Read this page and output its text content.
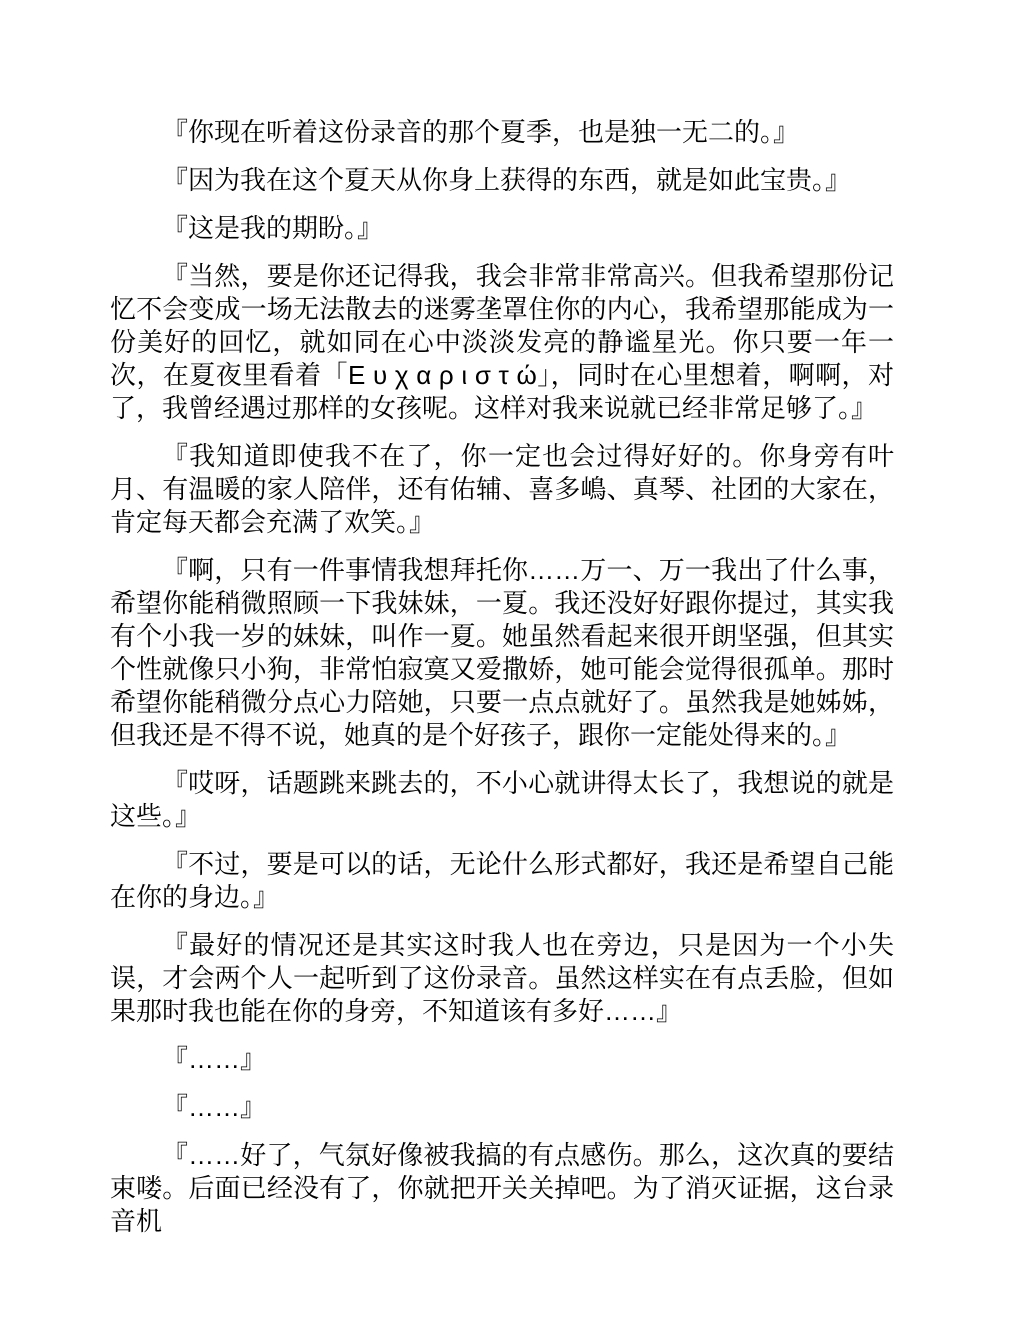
『你现在听着这份录音的那个夏季，也是独一无二的。』

『因为我在这个夏天从你身上获得的东西，就是如此宝贵。』

『这是我的期盼。』

『当然，要是你还记得我，我会非常非常高兴。但我希望那份记忆不会变成一场无法散去的迷雾垄罩住你的内心，我希望那能成为一份美好的回忆，就如同在心中淡淡发亮的静谧星光。你只要一年一次，在夏夜里看着「Ε υ χ α ρ ι σ τ ώ」，同时在心里想着，啊啊，对了，我曾经遇过那样的女孩呢。这样对我来说就已经非常足够了。』

『我知道即使我不在了，你一定也会过得好好的。你身旁有叶月、有温暖的家人陪伴，还有佑辅、喜多嶋、真琴、社团的大家在，肯定每天都会充满了欢笑。』

『啊，只有一件事情我想拜托你……万一、万一我出了什么事，希望你能稍微照顾一下我妹妹，一夏。我还没好好跟你提过，其实我有个小我一岁的妹妹，叫作一夏。她虽然看起来很开朗坚强，但其实个性就像只小狗，非常怕寂寞又爱撒娇，她可能会觉得很孤单。那时希望你能稍微分点心力陪她，只要一点点就好了。虽然我是她姊姊，但我还是不得不说，她真的是个好孩子，跟你一定能处得来的。』

『哎呀，话题跳来跳去的，不小心就讲得太长了，我想说的就是这些。』

『不过，要是可以的话，无论什么形式都好，我还是希望自己能在你的身边。』

『最好的情况还是其实这时我人也在旁边，只是因为一个小失误，才会两个人一起听到了这份录音。虽然这样实在有点丢脸，但如果那时我也能在你的身旁，不知道该有多好……』

『……』

『……』

『……好了，气氛好像被我搞的有点感伤。那么，这次真的要结束喽。后面已经没有了，你就把开关关掉吧。为了消灭证据，这台录音机
